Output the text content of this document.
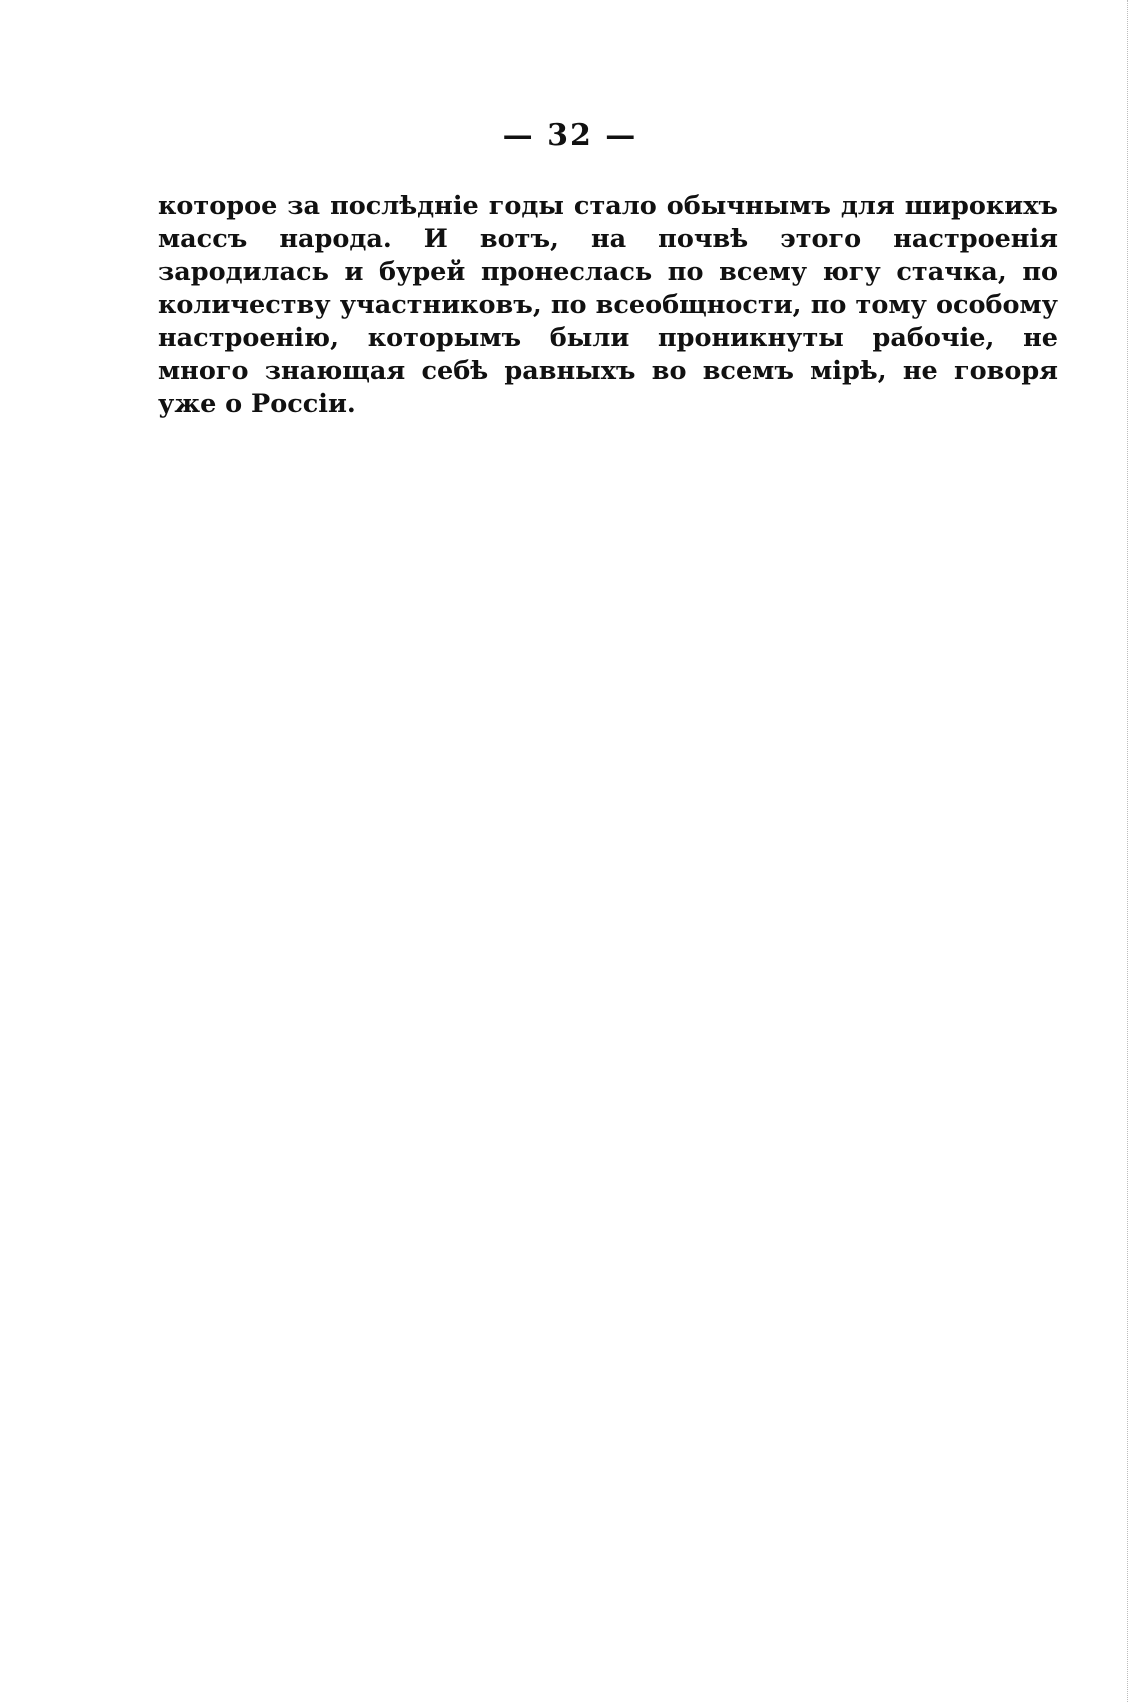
— 32 —

которое за послѣдніе годы стало обычнымъ для широкихъ массъ народа. И вотъ, на почвѣ этого настроенія зародилась и бурей пронеслась по всему югу стачка, по количеству участниковъ, по всеобщности, по тому особому настроенію, которымъ были проникнуты рабочіе, не много знающая себѣ равныхъ во всемъ мірѣ, не говоря уже о Россіи.
